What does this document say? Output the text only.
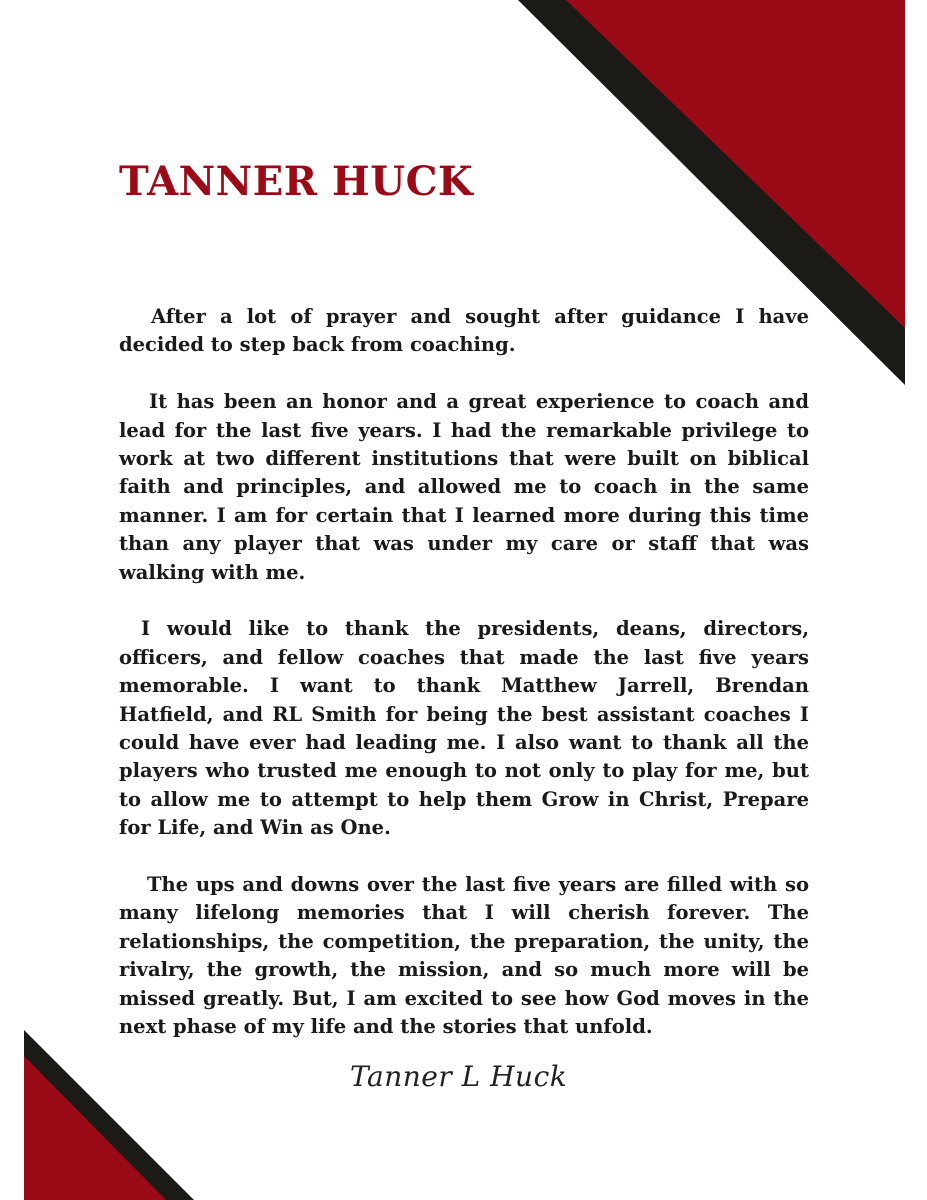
TANNER HUCK

After a lot of prayer and sought after guidance I have decided to step back from coaching.

It has been an honor and a great experience to coach and lead for the last five years. I had the remarkable privilege to work at two different institutions that were built on biblical faith and principles, and allowed me to coach in the same manner. I am for certain that I learned more during this time than any player that was under my care or staff that was walking with me.

I would like to thank the presidents, deans, directors, officers, and fellow coaches that made the last five years memorable. I want to thank Matthew Jarrell, Brendan Hatfield, and RL Smith for being the best assistant coaches I could have ever had leading me. I also want to thank all the players who trusted me enough to not only to play for me, but to allow me to attempt to help them Grow in Christ, Prepare for Life, and Win as One.

The ups and downs over the last five years are filled with so many lifelong memories that I will cherish forever. The relationships, the competition, the preparation, the unity, the rivalry, the growth, the mission, and so much more will be missed greatly. But, I am excited to see how God moves in the next phase of my life and the stories that unfold.

Tanner L Huck
